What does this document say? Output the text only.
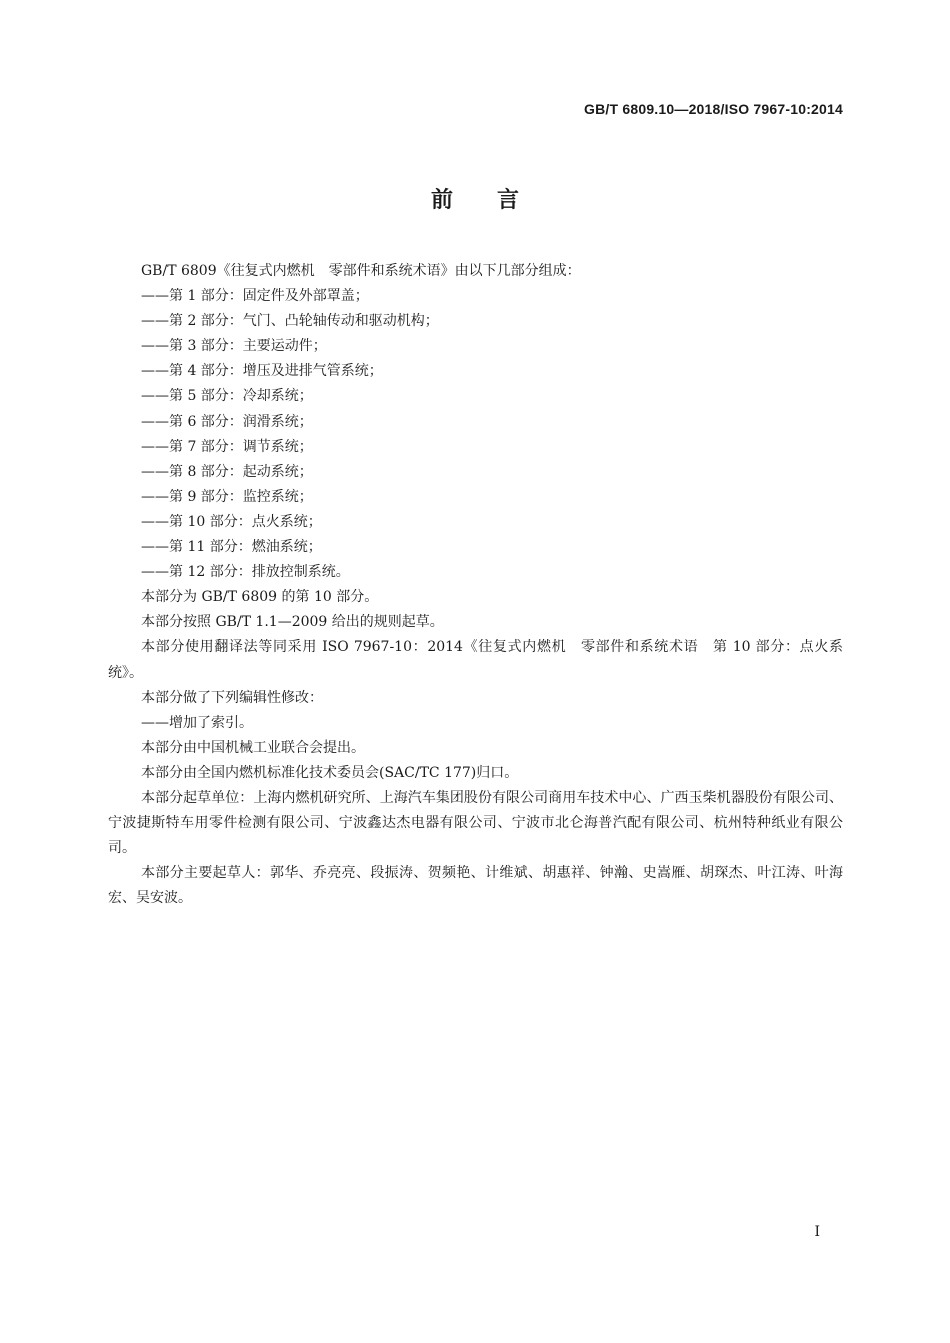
GB/T 6809.10—2018/ISO 7967-10:2014
前言

GB/T 6809《往复式内燃机　零部件和系统术语》由以下几部分组成：

——第 1 部分：固定件及外部罩盖；

——第 2 部分：气门、凸轮轴传动和驱动机构；

——第 3 部分：主要运动件；

——第 4 部分：增压及进排气管系统；

——第 5 部分：冷却系统；

——第 6 部分：润滑系统；

——第 7 部分：调节系统；

——第 8 部分：起动系统；

——第 9 部分：监控系统；

——第 10 部分：点火系统；

——第 11 部分：燃油系统；

——第 12 部分：排放控制系统。

本部分为 GB/T 6809 的第 10 部分。

本部分按照 GB/T 1.1—2009 给出的规则起草。

本部分使用翻译法等同采用 ISO 7967-10：2014《往复式内燃机　零部件和系统术语　第 10 部分：点火系统》。

本部分做了下列编辑性修改：

——增加了索引。

本部分由中国机械工业联合会提出。

本部分由全国内燃机标准化技术委员会(SAC/TC 177)归口。

本部分起草单位：上海内燃机研究所、上海汽车集团股份有限公司商用车技术中心、广西玉柴机器股份有限公司、宁波捷斯特车用零件检测有限公司、宁波鑫达杰电器有限公司、宁波市北仑海普汽配有限公司、杭州特种纸业有限公司。

本部分主要起草人：郭华、乔亮亮、段振涛、贺频艳、计维斌、胡惠祥、钟瀚、史嵩雁、胡琛杰、叶江涛、叶海宏、吴安波。

I
